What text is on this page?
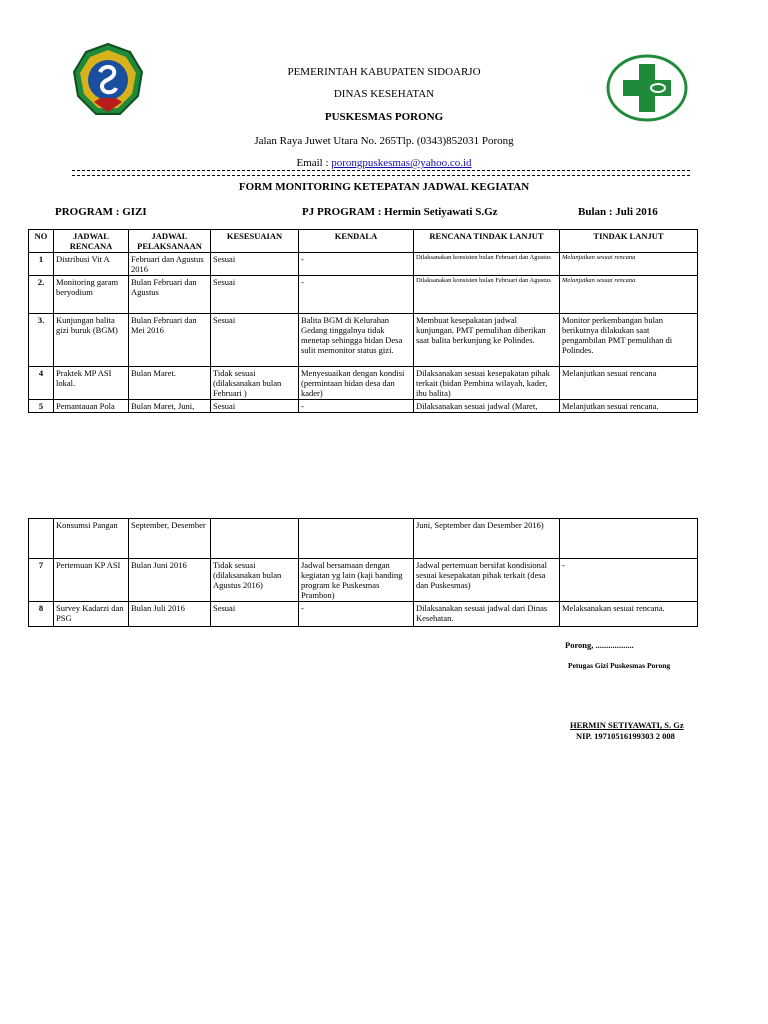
PEMERINTAH KABUPATEN SIDOARJO
DINAS KESEHATAN
PUSKESMAS PORONG
Jalan Raya Juwet Utara No. 265Tlp. (0343)852031 Porong
Email : porongpuskesmas@yahoo.co.id
FORM MONITORING KETEPATAN JADWAL KEGIATAN
PROGRAM : GIZI	PJ PROGRAM : Hermin Setiyawati S.Gz	Bulan : Juli 2016
NO	JADWAL RENCANA	JADWAL PELAKSANAAN	KESESUAIAN	KENDALA	RENCANA TINDAK LANJUT	TINDAK LANJUT
1	Distribusi Vit A	Februari dan Agustus 2016	Sesuai	-	Dilaksanakan konsisten bulan Februari dan Agustus	Melanjutkan sesuai rencana
2.	Monitoring garam beryodium	Bulan Februari dan Agustus	Sesuai	-	Dilaksanakan konsisten bulan Februari dan Agustus	Melanjutkan sesuai rencana
3.	Kunjungan balita gizi buruk (BGM)	Bulan Februari dan Mei 2016	Sesuai	Balita BGM di Kelurahan Gedang tinggalnya tidak menetap sehingga bidan Desa sulit memonitor status gizi.	Membuat kesepakatan jadwal kunjungan. PMT pemulihan diberikan saat balita berkunjung ke Polindes.	Monitor perkembangan bulan berikutnya dilakukan saat pengambilan PMT pemulihan di Polindes.
4	Praktek MP ASI lokal.	Bulan Maret.	Tidak sesuai (dilaksanakan bulan Februari )	Menyesuaikan dengan kondisi (permintaan bidan desa dan kader)	Dilaksanakan sesuai kesepakatan pihak terkait (bidan Pembina wilayah, kader, ibu balita)	Melanjutkan sesuai rencana
5	Pemantauan Pola	Bulan Maret, Juni,	Sesuai	-	Dilaksanakan sesuai jadwal (Maret,	Melanjutkan sesuai rencana.
	Konsumsi Pangan	September, Desember			Juni, September dan Desember 2016)	
7	Pertemuan KP ASI	Bulan Juni 2016	Tidak sesuai (dilaksanakan bulan Agustus 2016)	Jadwal bersamaan dengan kegiatan yg lain (kaji banding program ke Puskesmas Prambon)	Jadwal pertemuan bersifat kondisional sesuai kesepakatan pihak terkait (desa dan Puskesmas)	-
8	Survey Kadarzi dan PSG	Bulan Juli 2016	Sesuai	-	Dilaksanakan sesuai jadwal dari Dinas Kesehatan.	Melaksanakan sesuai rencana.
Porong, ..................
Petugas Gizi Puskesmas Porong
HERMIN SETIYAWATI, S. Gz
NIP. 19710516199303 2 008
